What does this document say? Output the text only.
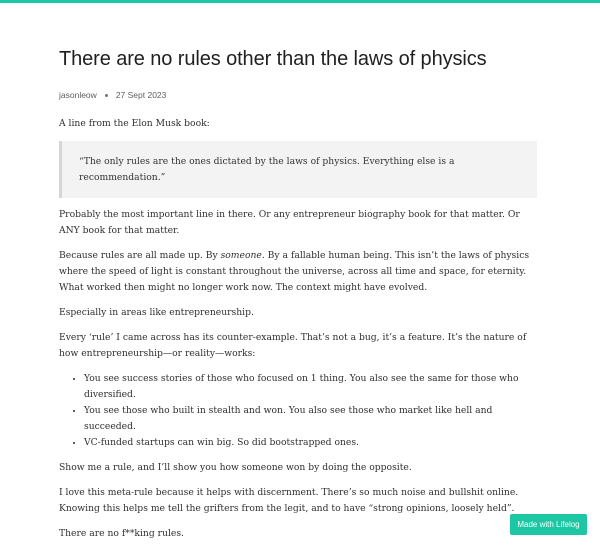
There are no rules other than the laws of physics
jasonleow 27 Sept 2023

A line from the Elon Musk book:

“The only rules are the ones dictated by the laws of physics. Everything else is a recommendation.”

Probably the most important line in there. Or any entrepreneur biography book for that matter. Or ANY book for that matter.

Because rules are all made up. By someone. By a fallable human being. This isn’t the laws of physics where the speed of light is constant throughout the universe, across all time and space, for eternity. What worked then might no longer work now. The context might have evolved.

Especially in areas like entrepreneurship.

Every ‘rule’ I came across has its counter-example. That’s not a bug, it’s a feature. It’s the nature of how entrepreneurship—or reality—works:

• You see success stories of those who focused on 1 thing. You also see the same for those who diversified.
• You see those who built in stealth and won. You also see those who market like hell and succeeded.
• VC-funded startups can win big. So did bootstrapped ones.

Show me a rule, and I’ll show you how someone won by doing the opposite.

I love this meta-rule because it helps with discernment. There’s so much noise and bullshit online. Knowing this helps me tell the grifters from the legit, and to have “strong opinions, loosely held”.

There are no f**king rules.

Made with Lifelog
